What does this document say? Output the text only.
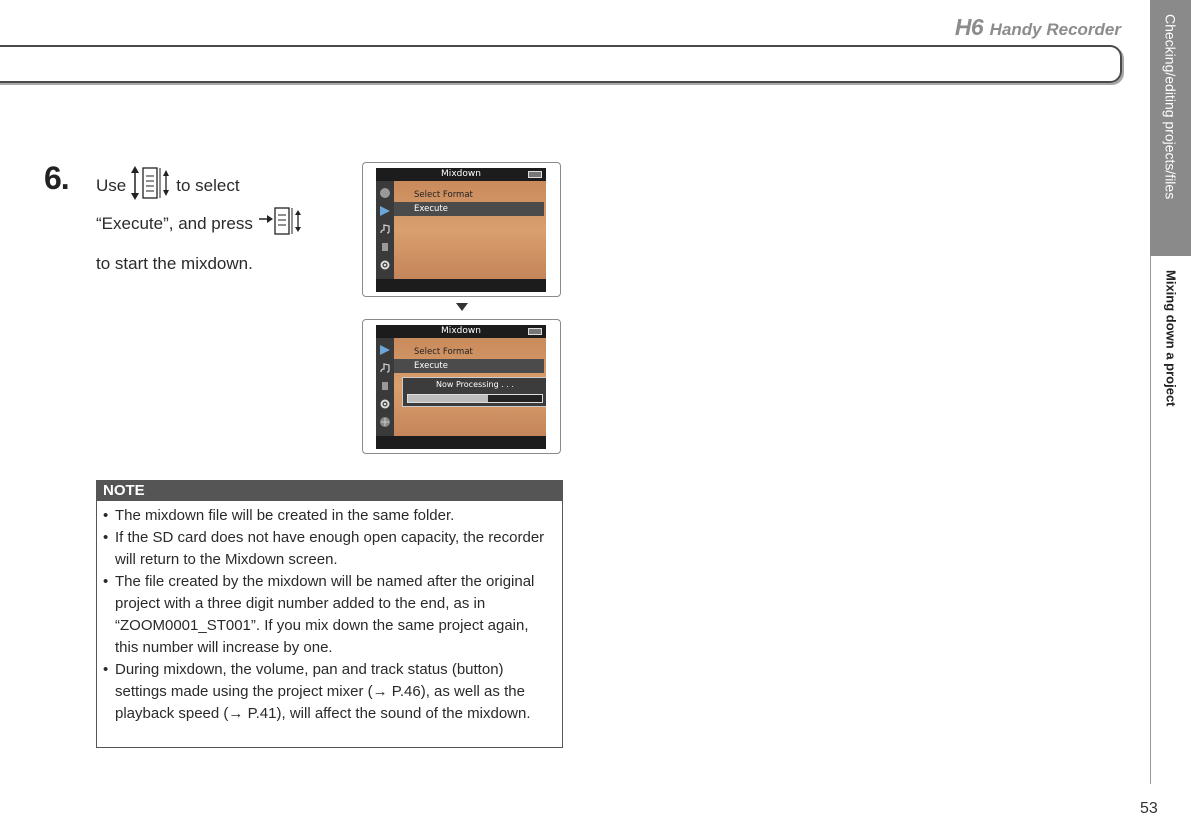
H6 Handy Recorder	Checking/editing projects/files
Mixing down a project
6. Use	to select
“Execute”, and press
to start the mixdown.
Mixdown
Select Format
Execute
Mixdown
Select Format
Execute
Now Processing . . .
NOTE
• The mixdown file will be created in the same folder.
• If the SD card does not have enough open capacity, the recorder will return to the Mixdown screen.
• The file created by the mixdown will be named after the original project with a three digit number added to the end, as in “ZOOM0001_ST001”. If you mix down the same project again, this number will increase by one.
• During mixdown, the volume, pan and track status (button) settings made using the project mixer (→ P.46), as well as the playback speed (→ P.41), will affect the sound of the mixdown.
53
